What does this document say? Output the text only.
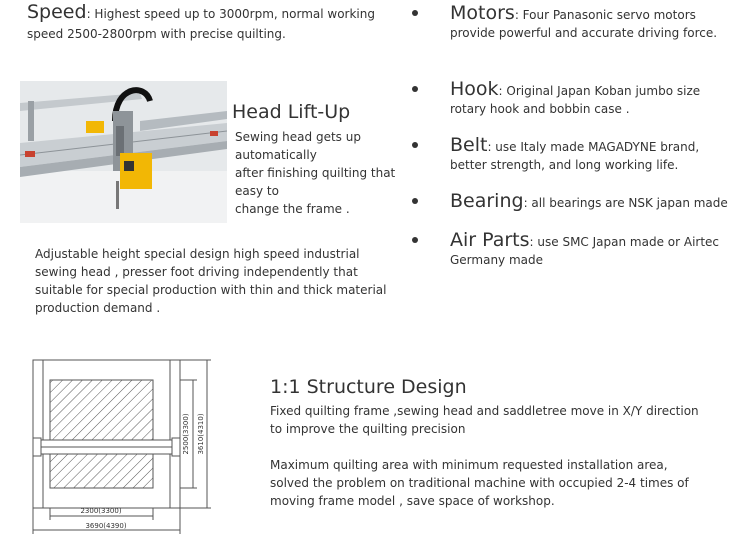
Speed: Highest speed up to 3000rpm, normal working speed 2500-2800rpm with precise quilting.
Head Lift-Up
Sewing head gets up
automatically
after finishing quilting that
easy to
change the frame .
Adjustable height special design high speed industrial sewing head , presser foot driving independently that suitable for special production with thin and thick material production demand .
Motors: Four Panasonic servo motors provide powerful and accurate driving force.
Hook: Original Japan Koban jumbo size rotary hook and bobbin case .
Belt: use Italy made MAGADYNE brand, better strength, and long working life.
Bearing: all bearings are NSK japan made
Air Parts: use SMC Japan made or Airtec Germany made
2300(3300)
3690(4390)
2500(3300) 3610(4310)
1:1 Structure Design
Fixed quilting frame ,sewing head and saddletree move in X/Y direction to improve the quilting precision
Maximum quilting area with minimum requested installation area, solved the problem on traditional machine with occupied 2-4 times of moving frame model , save space of workshop.
